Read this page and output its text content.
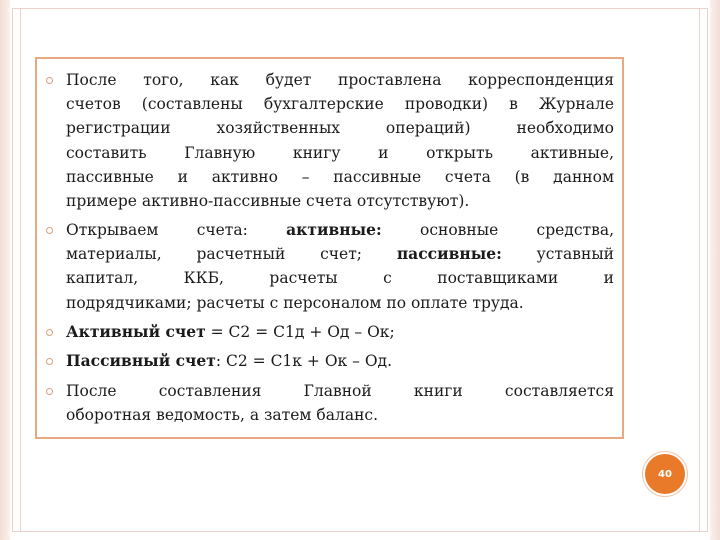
После того, как будет проставлена корреспонденция
счетов (составлены бухгалтерские проводки) в Журнале
регистрации хозяйственных операций) необходимо
составить Главную книгу и открыть активные,
пассивные и активно – пассивные счета (в данном
примере активно-пассивные счета отсутствуют).
Открываем счета: активные: основные средства,
материалы, расчетный счет; пассивные: уставный
капитал, ККБ, расчеты с поставщиками и
подрядчиками; расчеты с персоналом по оплате труда.
Активный счет = С2 = С1д + Од – Ок;
Пассивный счет: С2 = С1к + Ок – Од.
После составления Главной книги составляется
оборотная ведомость, а затем баланс.
40
